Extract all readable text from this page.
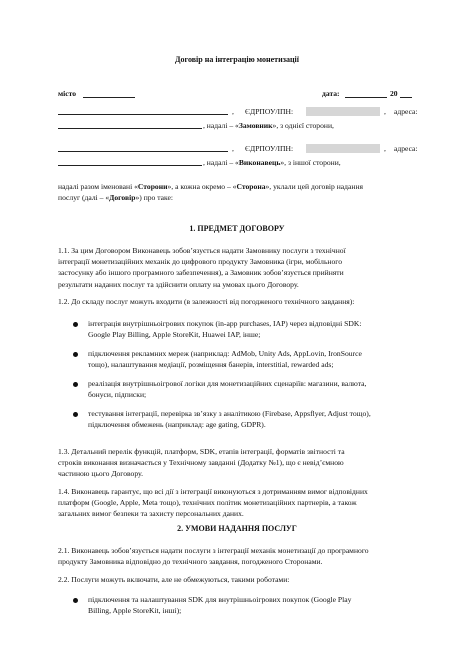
Договір на інтеграцію монетизації
місто	дата:	20
, ЄДРПОУ/ІПН:	, адреса:
, надалі – «Замовник», з однієї сторони,
, ЄДРПОУ/ІПН:	, адреса:
, надалі – «Виконавець», з іншої сторони,
надалі разом іменовані «Сторони», а кожна окремо – «Сторона», уклали цей договір надання
послуг (далі – «Договір») про таке:
1. ПРЕДМЕТ ДОГОВОРУ
1.1. За цим Договором Виконавець зобов’язується надати Замовнику послуги з технічної
інтеграції монетизаційних механік до цифрового продукту Замовника (ігри, мобільного
застосунку або іншого програмного забезпечення), а Замовник зобов’язується прийняти
результати наданих послуг та здійснити оплату на умовах цього Договору.
1.2. До складу послуг можуть входити (в залежності від погодженого технічного завдання):
інтеграція внутрішньоігрових покупок (in-app purchases, IAP) через відповідні SDK:
Google Play Billing, Apple StoreKit, Huawei IAP, інше;
підключення рекламних мереж (наприклад: AdMob, Unity Ads, AppLovin, IronSource
тощо), налаштування медіації, розміщення банерів, interstitial, rewarded ads;
реалізація внутрішньоігрової логіки для монетизаційних сценаріїв: магазини, валюта,
бонуси, підписки;
тестування інтеграції, перевірка зв’язку з аналітикою (Firebase, Appsflyer, Adjust тощо),
підключення обмежень (наприклад: age gating, GDPR).
1.3. Детальний перелік функцій, платформ, SDK, етапів інтеграції, форматів звітності та
строків виконання визначається у Технічному завданні (Додатку №1), що є невід’ємною
частиною цього Договору.
1.4. Виконавець гарантує, що всі дії з інтеграції виконуються з дотриманням вимог відповідних
платформ (Google, Apple, Meta тощо), технічних політик монетизаційних партнерів, а також
загальних вимог безпеки та захисту персональних даних.
2. УМОВИ НАДАННЯ ПОСЛУГ
2.1. Виконавець зобов’язується надати послуги з інтеграції механік монетизації до програмного
продукту Замовника відповідно до технічного завдання, погодженого Сторонами.
2.2. Послуги можуть включати, але не обмежуються, такими роботами:
підключення та налаштування SDK для внутрішньоігрових покупок (Google Play
Billing, Apple StoreKit, інші);
